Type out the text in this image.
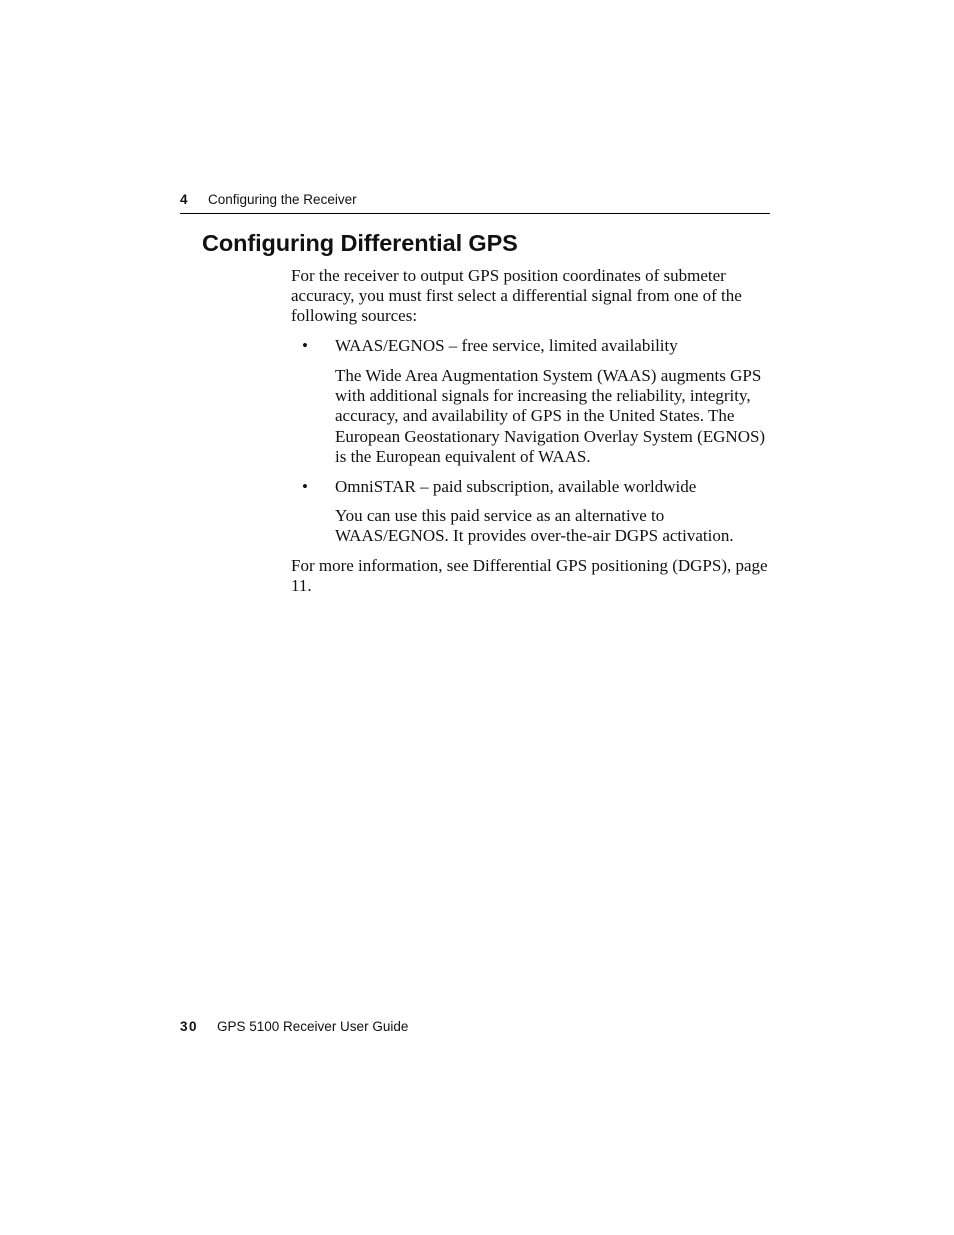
4 Configuring the Receiver
Configuring Differential GPS
For the receiver to output GPS position coordinates of submeter accuracy, you must first select a differential signal from one of the following sources:
• WAAS/EGNOS – free service, limited availability
The Wide Area Augmentation System (WAAS) augments GPS with additional signals for increasing the reliability, integrity, accuracy, and availability of GPS in the United States. The European Geostationary Navigation Overlay System (EGNOS) is the European equivalent of WAAS.
• OmniSTAR – paid subscription, available worldwide
You can use this paid service as an alternative to WAAS/EGNOS. It provides over-the-air DGPS activation.
For more information, see Differential GPS positioning (DGPS), page 11.
30 GPS 5100 Receiver User Guide
